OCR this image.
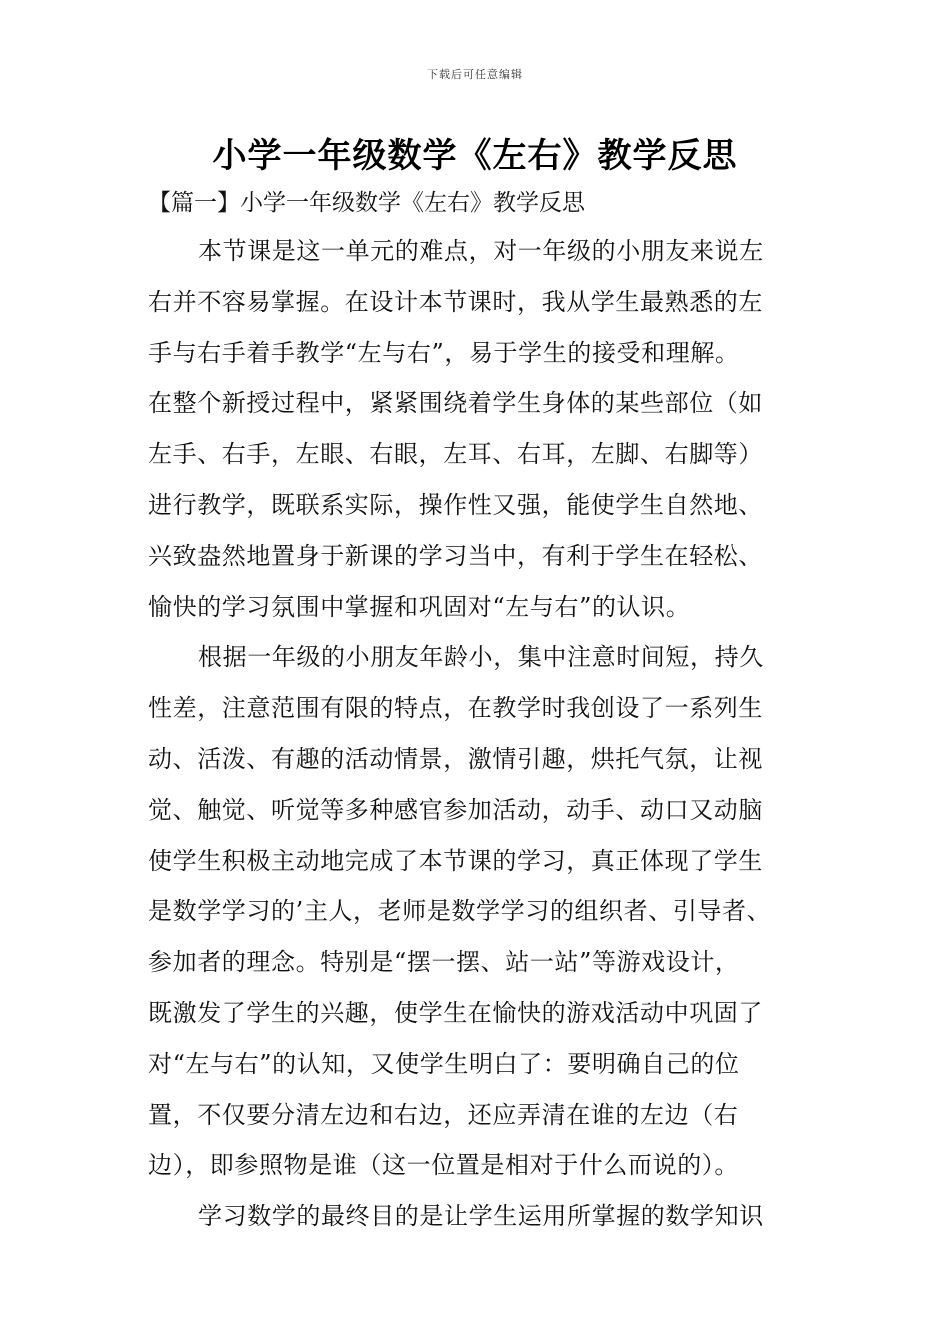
下载后可任意编辑
小学一年级数学《左右》教学反思
【篇一】小学一年级数学《左右》教学反思
本节课是这一单元的难点，对一年级的小朋友来说左
右并不容易掌握。在设计本节课时，我从学生最熟悉的左
手与右手着手教学“左与右”，易于学生的接受和理解。
在整个新授过程中，紧紧围绕着学生身体的某些部位（如
左手、右手，左眼、右眼，左耳、右耳，左脚、右脚等）
进行教学，既联系实际，操作性又强，能使学生自然地、
兴致盎然地置身于新课的学习当中，有利于学生在轻松、
愉快的学习氛围中掌握和巩固对“左与右”的认识。
根据一年级的小朋友年龄小，集中注意时间短，持久
性差，注意范围有限的特点，在教学时我创设了一系列生
动、活泼、有趣的活动情景，激情引趣，烘托气氛，让视
觉、触觉、听觉等多种感官参加活动，动手、动口又动脑
使学生积极主动地完成了本节课的学习，真正体现了学生
是数学学习的’主人，老师是数学学习的组织者、引导者、
参加者的理念。特别是“摆一摆、站一站”等游戏设计，
既激发了学生的兴趣，使学生在愉快的游戏活动中巩固了
对“左与右”的认知，又使学生明白了：要明确自己的位
置，不仅要分清左边和右边，还应弄清在谁的左边（右
边），即参照物是谁（这一位置是相对于什么而说的）。
学习数学的最终目的是让学生运用所掌握的数学知识
